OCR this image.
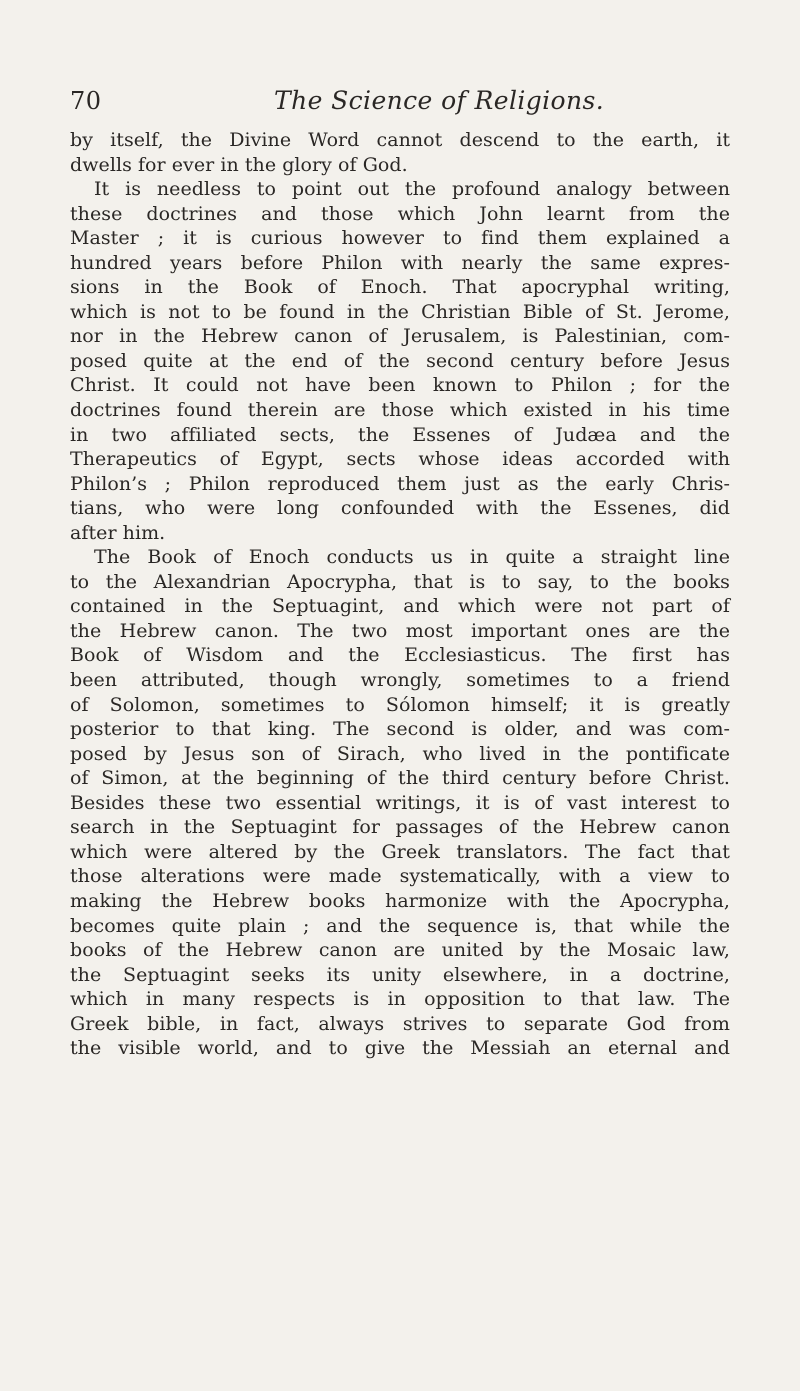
70	The Science of Religions.
by itself, the Divine Word cannot descend to the earth, it
dwells for ever in the glory of God.
It is needless to point out the profound analogy between
these doctrines and those which John learnt from the
Master ; it is curious however to find them explained a
hundred years before Philon with nearly the same expres-
sions in the Book of Enoch. That apocryphal writing,
which is not to be found in the Christian Bible of St. Jerome,
nor in the Hebrew canon of Jerusalem, is Palestinian, com-
posed quite at the end of the second century before Jesus
Christ. It could not have been known to Philon ; for the
doctrines found therein are those which existed in his time
in two affiliated sects, the Essenes of Judæa and the
Therapeutics of Egypt, sects whose ideas accorded with
Philon’s ; Philon reproduced them just as the early Chris-
tians, who were long confounded with the Essenes, did
after him.
The Book of Enoch conducts us in quite a straight line
to the Alexandrian Apocrypha, that is to say, to the books
contained in the Septuagint, and which were not part of
the Hebrew canon. The two most important ones are the
Book of Wisdom and the Ecclesiasticus. The first has
been attributed, though wrongly, sometimes to a friend
of Solomon, sometimes to Sólomon himself; it is greatly
posterior to that king. The second is older, and was com-
posed by Jesus son of Sirach, who lived in the pontificate
of Simon, at the beginning of the third century before Christ.
Besides these two essential writings, it is of vast interest to
search in the Septuagint for passages of the Hebrew canon
which were altered by the Greek translators. The fact that
those alterations were made systematically, with a view to
making the Hebrew books harmonize with the Apocrypha,
becomes quite plain ; and the sequence is, that while the
books of the Hebrew canon are united by the Mosaic law,
the Septuagint seeks its unity elsewhere, in a doctrine,
which in many respects is in opposition to that law. The
Greek bible, in fact, always strives to separate God from
the visible world, and to give the Messiah an eternal and
